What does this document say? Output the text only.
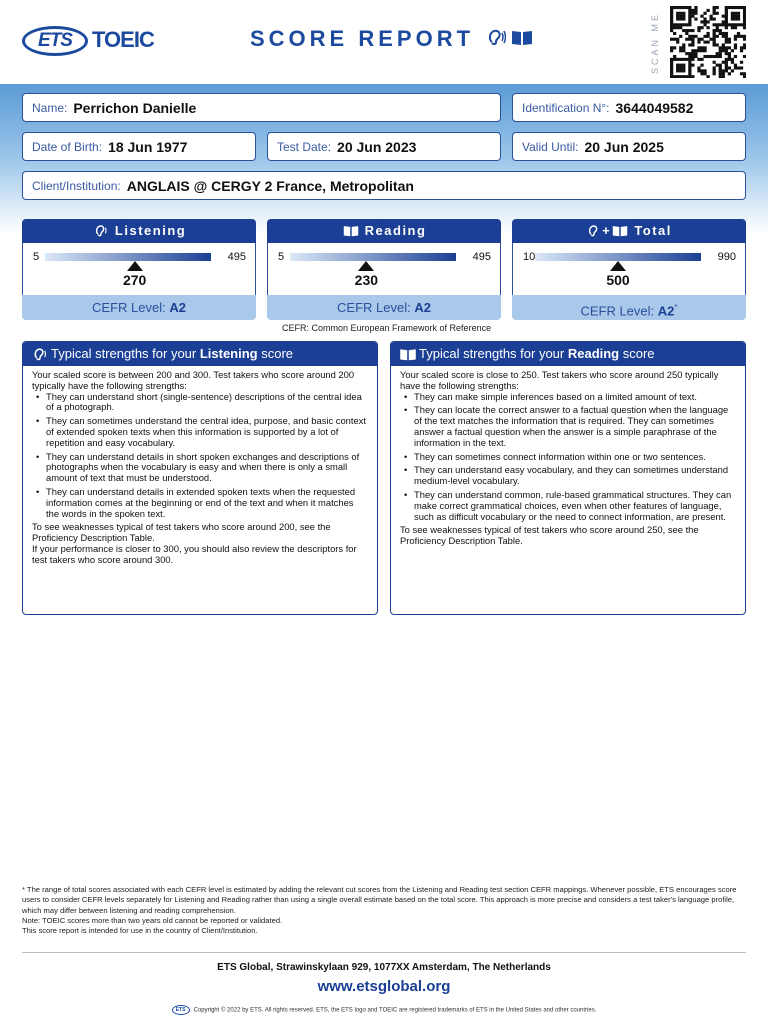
ETS TOEIC	SCORE REPORT
	SCAN ME
Name: Perrichon Danielle	Identification N°: 3644049582
Date of Birth: 18 Jun 1977	Test Date: 20 Jun 2023	Valid Until: 20 Jun 2025
Client/Institution: ANGLAIS @ CERGY 2 France, Metropolitan
Listening
5	495
270
CEFR Level: A2
Reading
5	495
230
CEFR Level: A2
+ Total
10	990
500
CEFR Level: A2*
CEFR: Common European Framework of Reference
Typical strengths for your Listening score

Your scaled score is between 200 and 300. Test takers who score around 200 typically have the following strengths:

• They can understand short (single-sentence) descriptions of the central idea of a photograph.
• They can sometimes understand the central idea, purpose, and basic context of extended spoken texts when this information is supported by a lot of repetition and easy vocabulary.
• They can understand details in short spoken exchanges and descriptions of photographs when the vocabulary is easy and when there is only a small amount of text that must be understood.
• They can understand details in extended spoken texts when the requested information comes at the beginning or end of the text and when it matches the words in the spoken text.

To see weaknesses typical of test takers who score around 200, see the Proficiency Description Table.

If your performance is closer to 300, you should also review the descriptors for test takers who score around 300.

Typical strengths for your Reading score

Your scaled score is close to 250. Test takers who score around 250 typically have the following strengths:

• They can make simple inferences based on a limited amount of text.
• They can locate the correct answer to a factual question when the language of the text matches the information that is required. They can sometimes answer a factual question when the answer is a simple paraphrase of the information in the text.
• They can sometimes connect information within one or two sentences.
• They can understand easy vocabulary, and they can sometimes understand medium-level vocabulary.
• They can understand common, rule-based grammatical structures. They can make correct grammatical choices, even when other features of language, such as difficult vocabulary or the need to connect information, are present.

To see weaknesses typical of test takers who score around 250, see the Proficiency Description Table.

* The range of total scores associated with each CEFR level is estimated by adding the relevant cut scores from the Listening and Reading test section CEFR mappings. Whenever possible, ETS encourages score users to consider CEFR levels separately for Listening and Reading rather than using a single overall estimate based on the total score. This approach is more precise and considers a test taker's language profile, which may differ between listening and reading comprehension.

Note: TOEIC scores more than two years old cannot be reported or validated.

This score report is intended for use in the country of Client/Institution.

ETS Global, Strawinskylaan 929, 1077XX Amsterdam, The Netherlands
www.etsglobal.org
ETS Copyright © 2022 by ETS. All rights reserved. ETS, the ETS logo and TOEIC are registered trademarks of ETS in the United States and other countries.
